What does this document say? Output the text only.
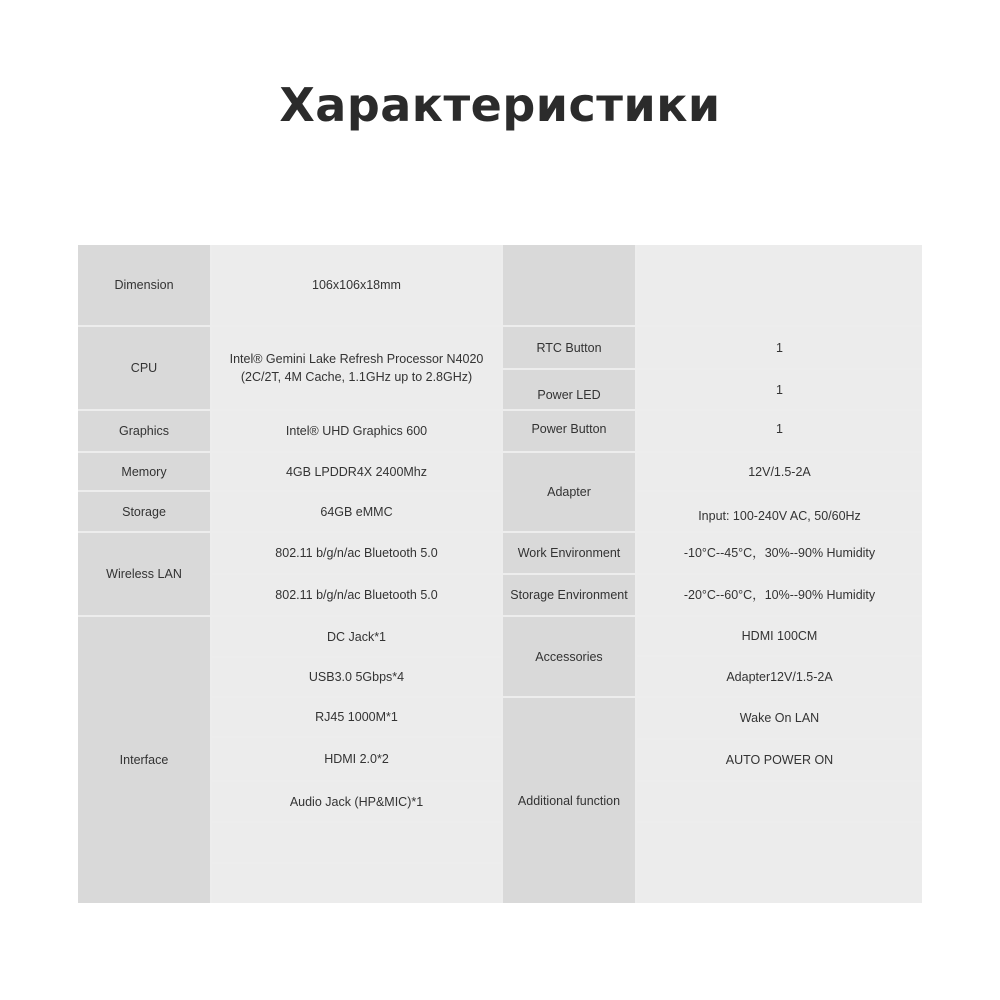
Характеристики
Dimension
CPU
Graphics
Memory
Storage
Wireless LAN
Interface
106x106x18mm
Intel® Gemini Lake Refresh Processor N4020
(2C/2T, 4M Cache, 1.1GHz up to 2.8GHz)
Intel® UHD Graphics 600
4GB LPDDR4X 2400Mhz
64GB eMMC
802.11 b/g/n/ac Bluetooth 5.0
802.11 b/g/n/ac Bluetooth 5.0
DC Jack*1
USB3.0 5Gbps*4
RJ45 1000M*1
HDMI 2.0*2
Audio Jack (HP&MIC)*1
RTC Button
Power LED
Power Button
Adapter
Work Environment
Storage Environment
Accessories
Additional function
1
1
1
12V/1.5-2A
Input: 100-240V AC, 50/60Hz
-10°C--45°C，30%--90% Humidity
-20°C--60°C，10%--90% Humidity
HDMI 100CM
Adapter12V/1.5-2A
Wake On LAN
AUTO POWER ON
